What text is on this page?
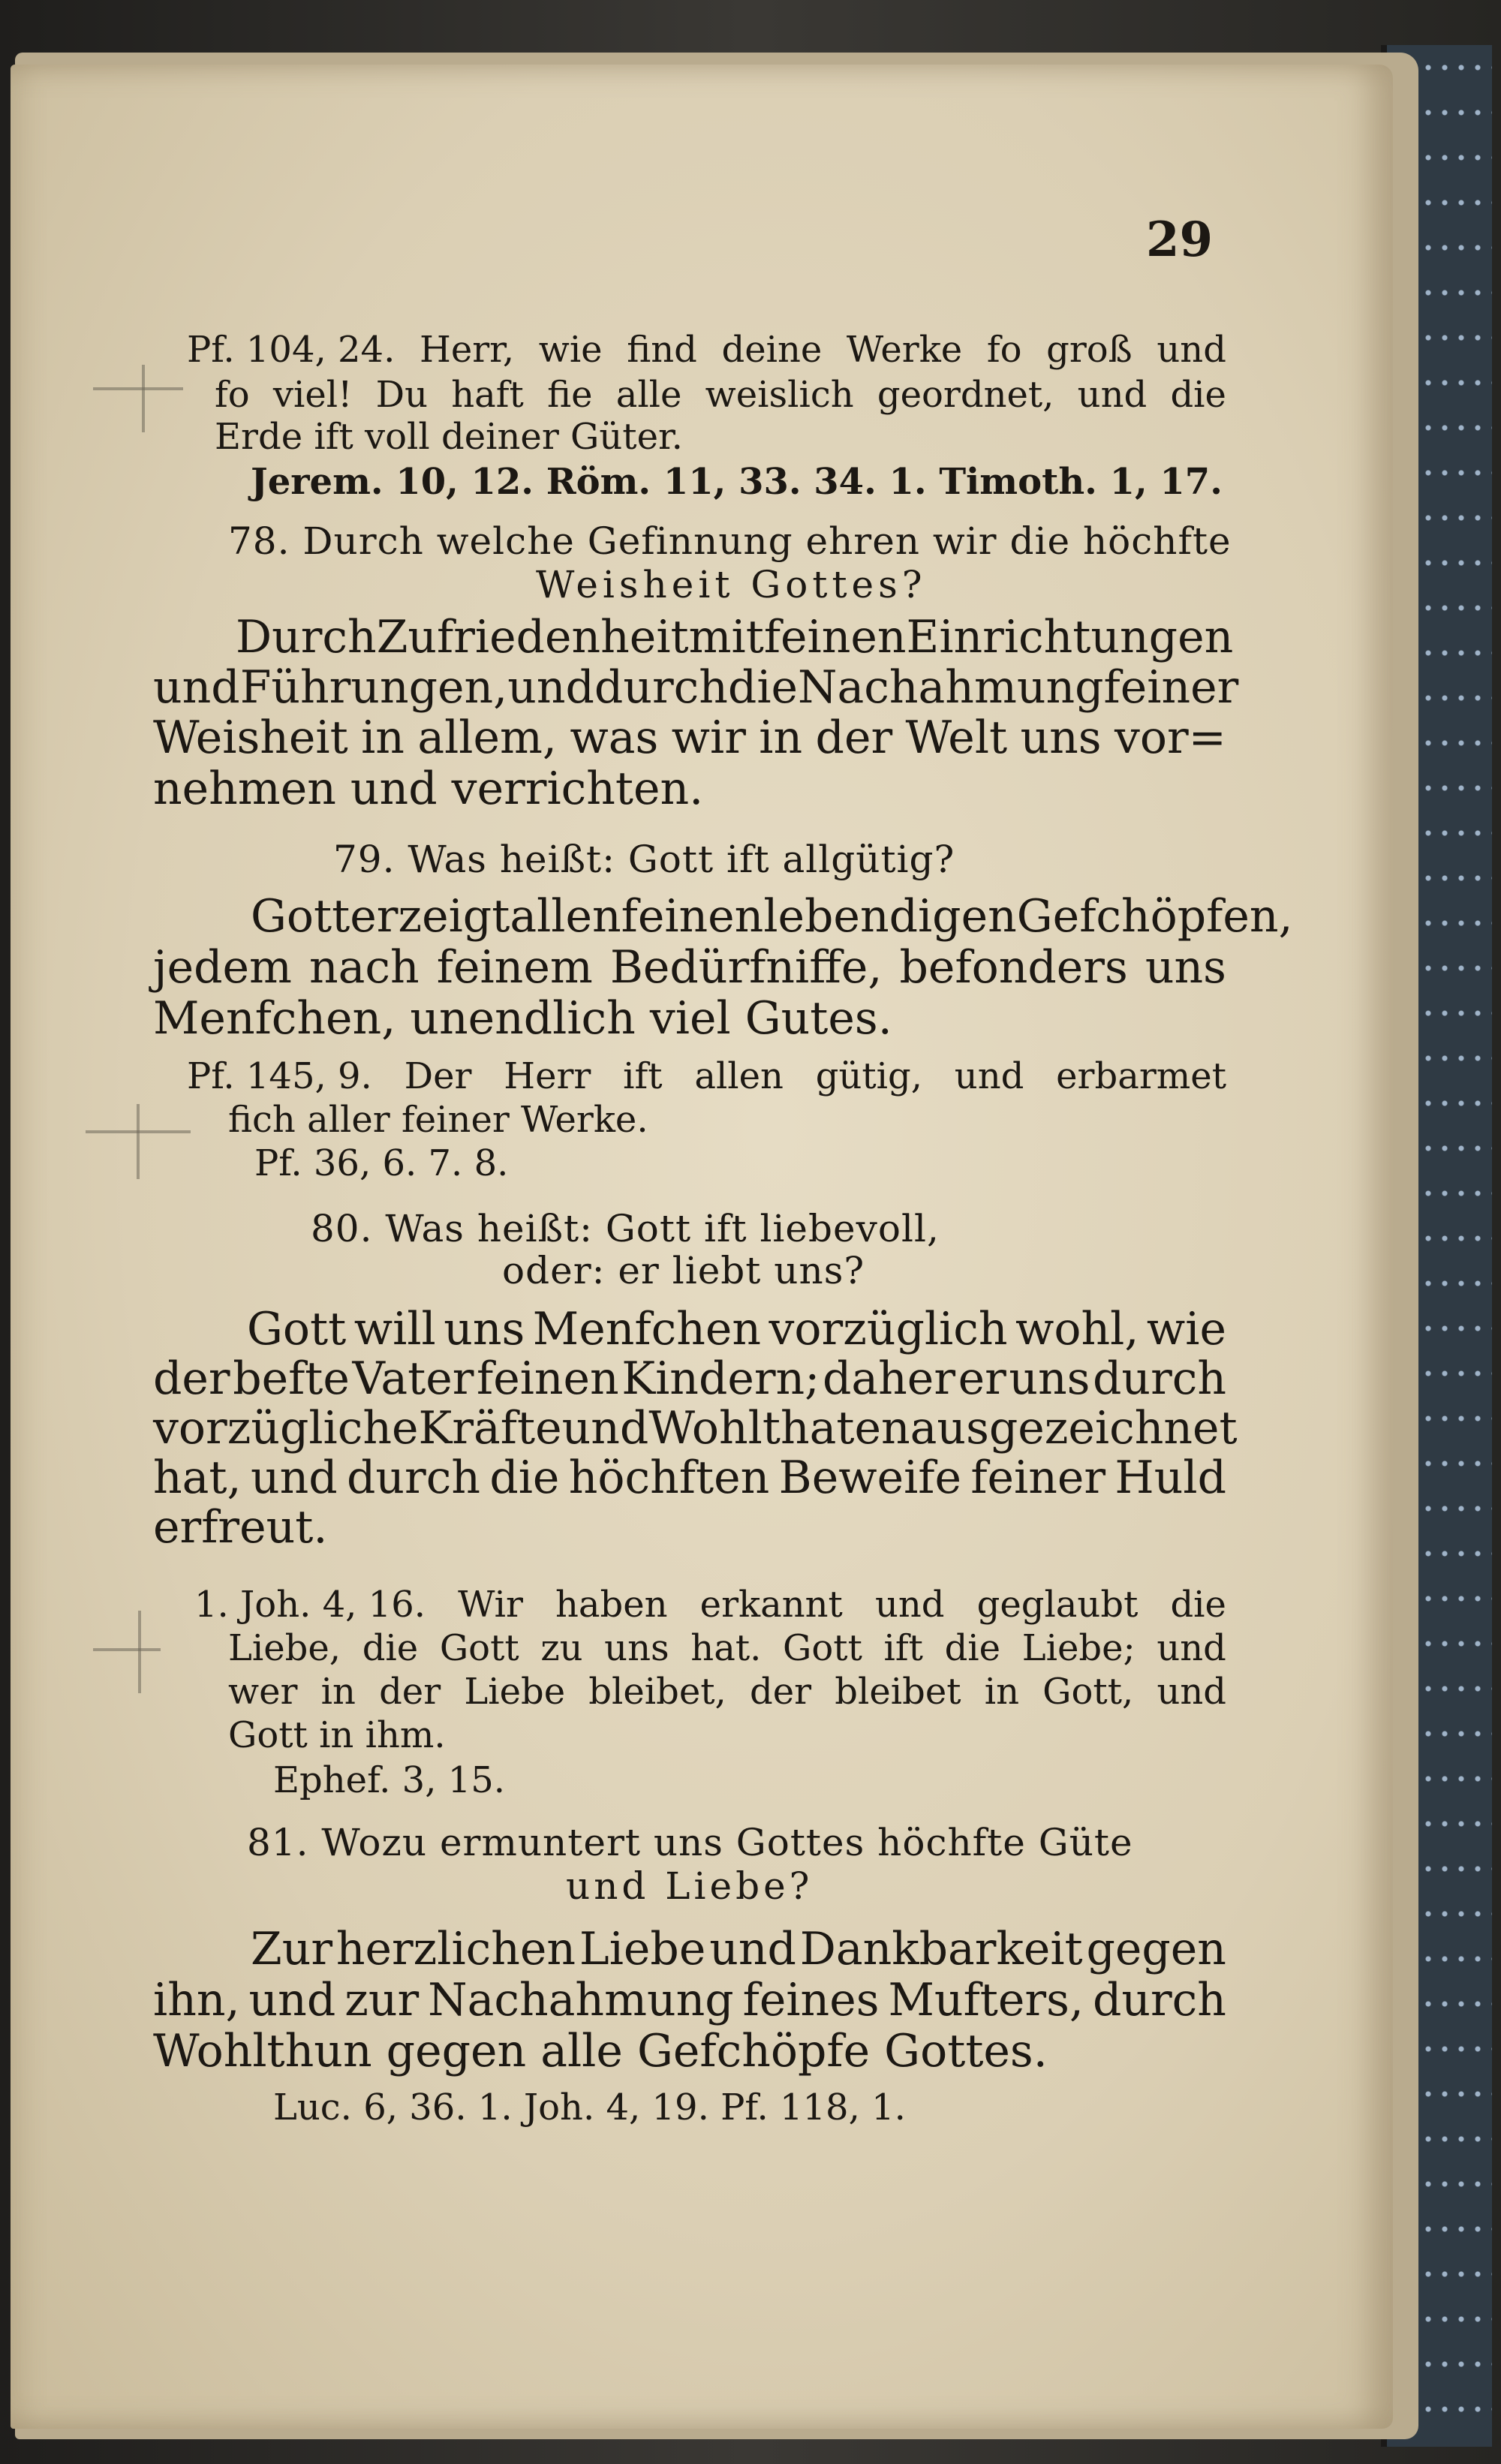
29
Pf. 104, 24. Herr, wie find deine Werke fo groß und
fo viel! Du haft fie alle weislich geordnet, und die
Erde ift voll deiner Güter.
Jerem. 10, 12. Röm. 11, 33. 34. 1. Timoth. 1, 17.
78. Durch welche Gefinnung ehren wir die höchfte
Weisheit Gottes?
Durch Zufriedenheit mit feinen Einrichtungen
und Führungen, und durch die Nachahmung feiner
Weisheit in allem, was wir in der Welt uns vor=
nehmen und verrichten.
79. Was heißt: Gott ift allgütig?
Gott erzeigt allen feinen lebendigen Gefchöpfen,
jedem nach feinem Bedürfniffe, befonders uns
Menfchen, unendlich viel Gutes.
Pf. 145, 9. Der Herr ift allen gütig, und erbarmet
fich aller feiner Werke.
Pf. 36, 6. 7. 8.
80. Was heißt: Gott ift liebevoll,
oder: er liebt uns?
Gott will uns Menfchen vorzüglich wohl, wie
der befte Vater feinen Kindern; daher er uns durch
vorzügliche Kräfte und Wohlthaten ausgezeichnet
hat, und durch die höchften Beweife feiner Huld
erfreut.
1. Joh. 4, 16. Wir haben erkannt und geglaubt die
Liebe, die Gott zu uns hat. Gott ift die Liebe; und
wer in der Liebe bleibet, der bleibet in Gott, und
Gott in ihm.
Ephef. 3, 15.
81. Wozu ermuntert uns Gottes höchfte Güte
und Liebe?
Zur herzlichen Liebe und Dankbarkeit gegen
ihn, und zur Nachahmung feines Mufters, durch
Wohlthun gegen alle Gefchöpfe Gottes.
Luc. 6, 36. 1. Joh. 4, 19. Pf. 118, 1.
